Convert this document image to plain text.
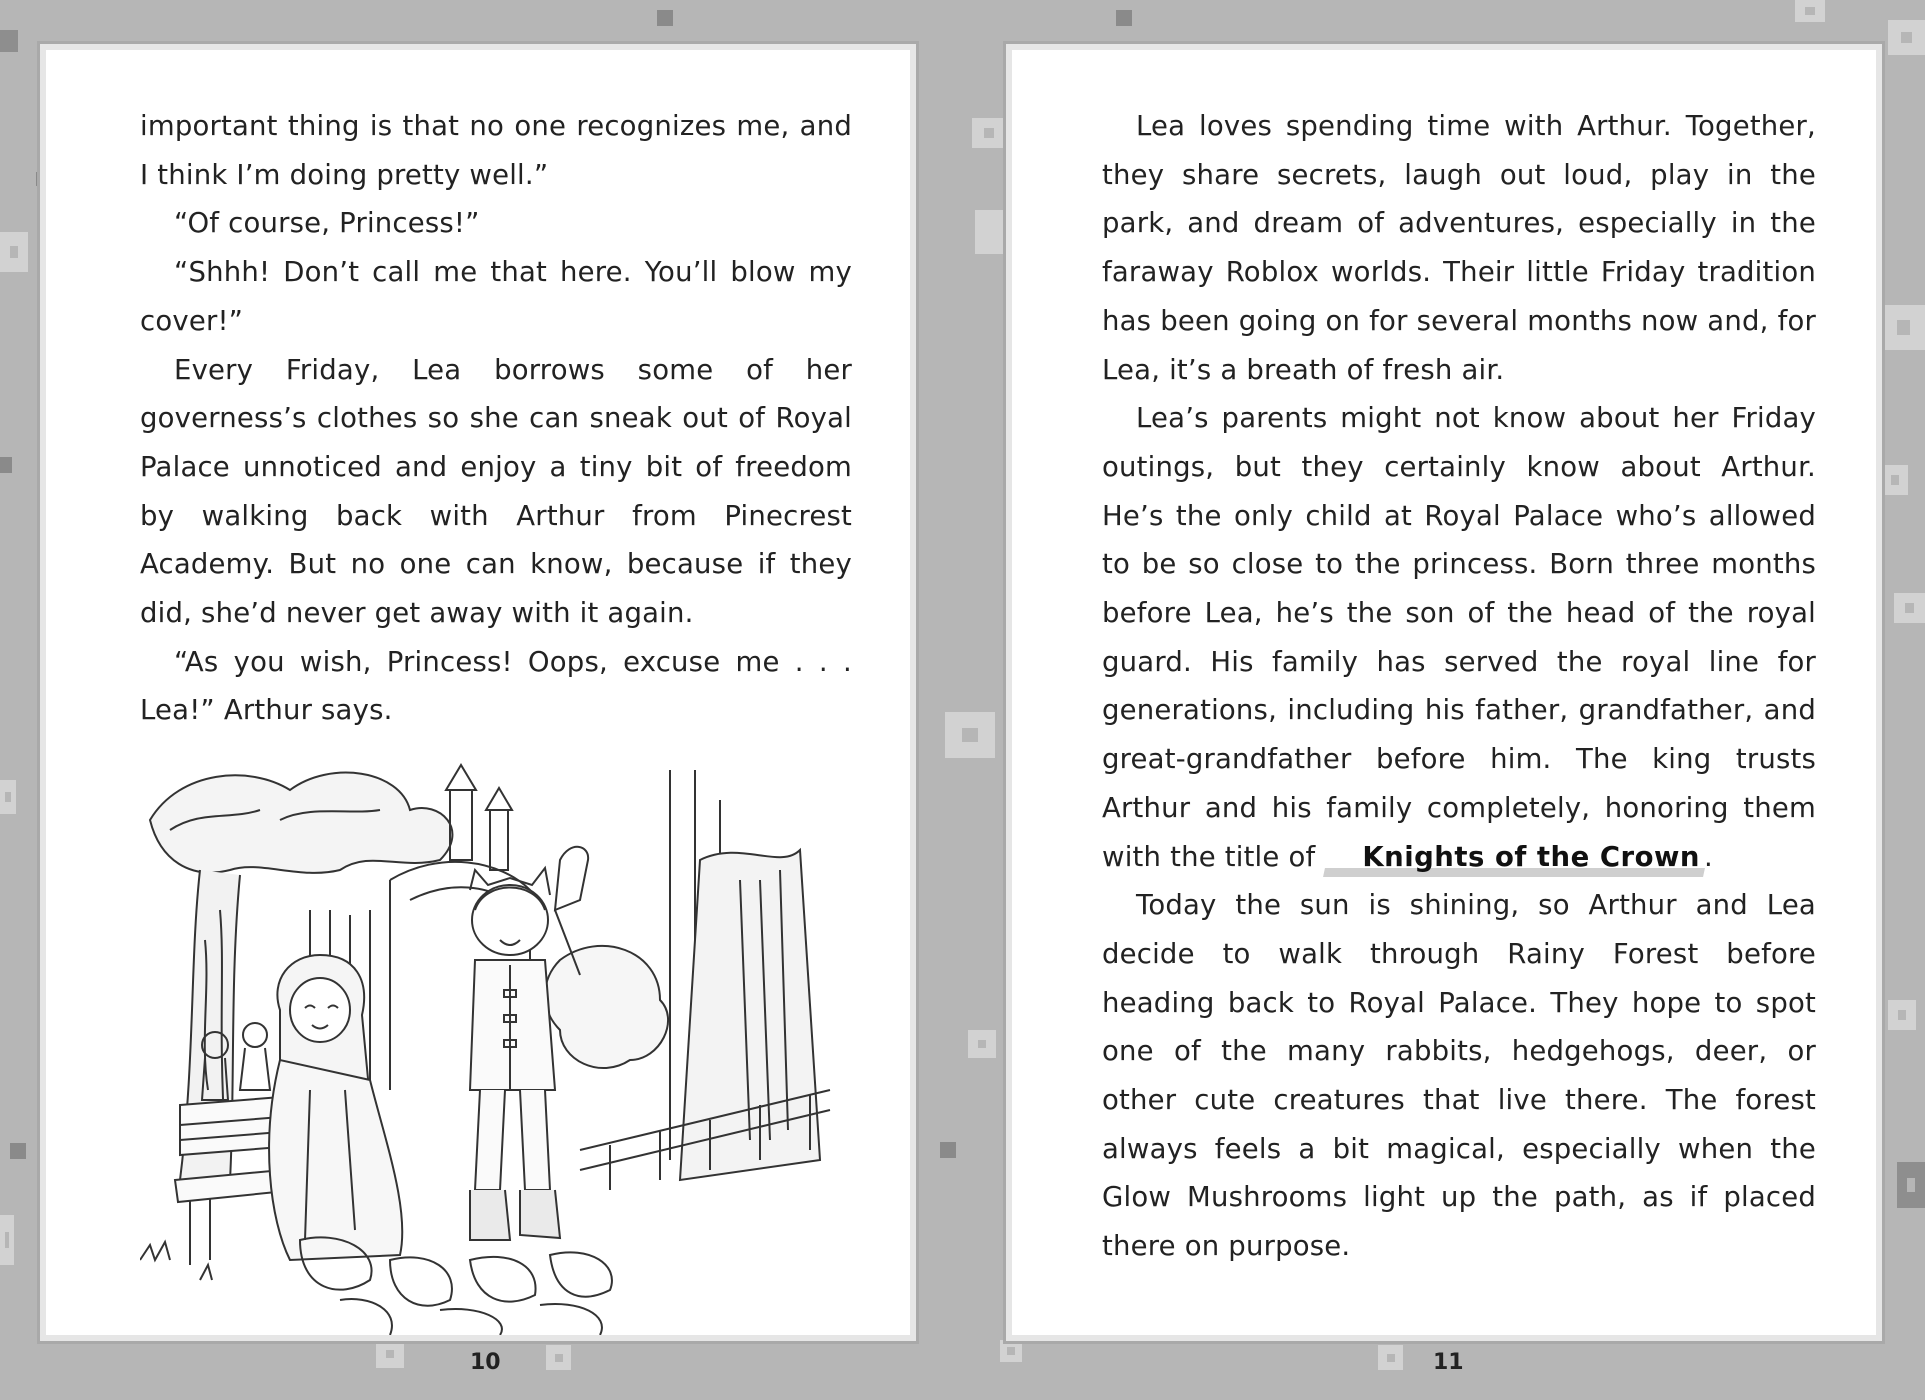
important thing is that no one recognizes me, and I think I’m doing pretty well.”

“Of course, Princess!”

“Shhh! Don’t call me that here. You’ll blow my cover!”

Every Friday, Lea borrows some of her governess’s clothes so she can sneak out of Royal Palace unnoticed and enjoy a tiny bit of freedom by walking back with Arthur from Pinecrest Academy. But no one can know, because if they did, she’d never get away with it again.

“As you wish, Princess! Oops, excuse me . . . Lea!” Arthur says.

10

Lea loves spending time with Arthur. Together, they share secrets, laugh out loud, play in the park, and dream of adventures, especially in the faraway Roblox worlds. Their little Friday tradition has been going on for several months now and, for Lea, it’s a breath of fresh air.

Lea’s parents might not know about her Friday outings, but they certainly know about Arthur. He’s the only child at Royal Palace who’s allowed to be so close to the princess. Born three months before Lea, he’s the son of the head of the royal guard. His family has served the royal line for generations, including his father, grandfather, and great-grandfather before him. The king trusts Arthur and his family completely, honoring them with the title of Knights of the Crown .

Today the sun is shining, so Arthur and Lea decide to walk through Rainy Forest before heading back to Royal Palace. They hope to spot one of the many rabbits, hedgehogs, deer, or other cute creatures that live there. The forest always feels a bit magical, especially when the Glow Mushrooms light up the path, as if placed there on purpose.

11
